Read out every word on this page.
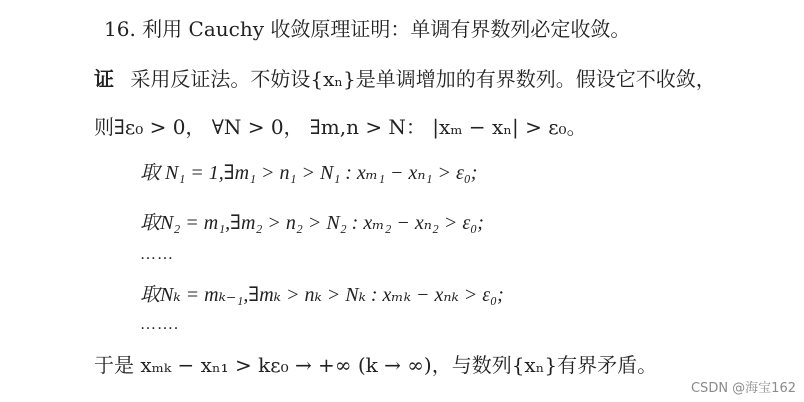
16. 利用 Cauchy 收敛原理证明：单调有界数列必定收敛。
证 采用反证法。不妨设{xₙ}是单调增加的有界数列。假设它不收敛，
则∃ε₀ > 0， ∀N > 0， ∃m,n > N： |xₘ − xₙ| > ε₀。
取 N₁ = 1,∃m₁ > n₁ > N₁ : xₘ₁ − xₙ₁ > ε₀;
取N₂ = m₁,∃m₂ > n₂ > N₂ : xₘ₂ − xₙ₂ > ε₀;
……
取Nₖ = mₖ₋₁,∃mₖ > nₖ > Nₖ : xₘₖ − xₙₖ > ε₀;
…….
于是 xₘₖ − xₙ₁ > kε₀ → +∞ (k → ∞)，与数列{xₙ}有界矛盾。
CSDN @海宝162
